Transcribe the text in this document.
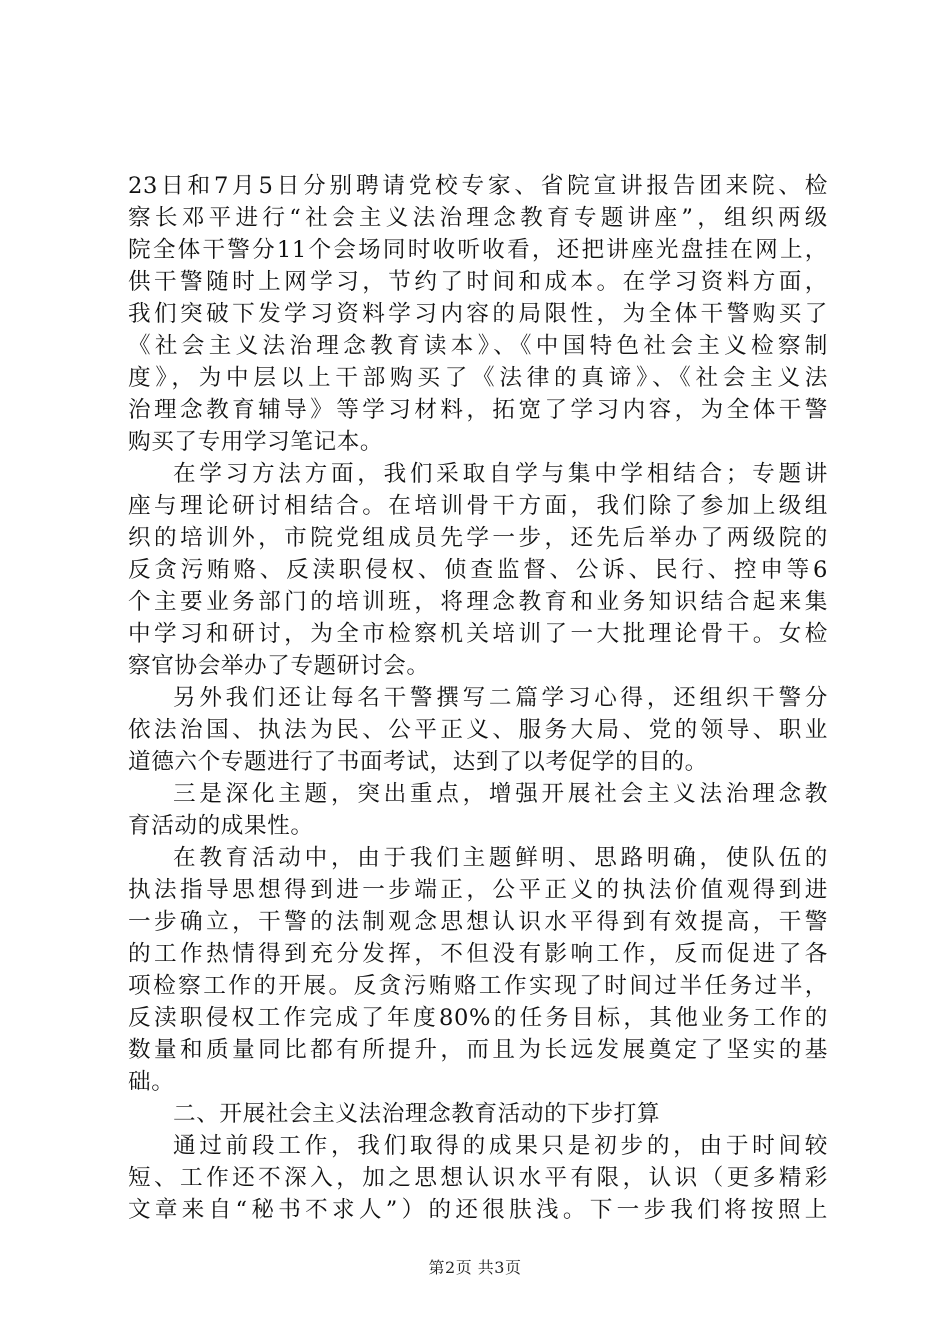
23日和7月5日分别聘请党校专家、省院宣讲报告团来院、检
察长邓平进行“社会主义法治理念教育专题讲座”，组织两级
院全体干警分11个会场同时收听收看，还把讲座光盘挂在网上，
供干警随时上网学习，节约了时间和成本。在学习资料方面，
我们突破下发学习资料学习内容的局限性，为全体干警购买了
《社会主义法治理念教育读本》、《中国特色社会主义检察制
度》，为中层以上干部购买了《法律的真谛》、《社会主义法
治理念教育辅导》等学习材料，拓宽了学习内容，为全体干警
购买了专用学习笔记本。
在学习方法方面，我们采取自学与集中学相结合；专题讲
座与理论研讨相结合。在培训骨干方面，我们除了参加上级组
织的培训外，市院党组成员先学一步，还先后举办了两级院的
反贪污贿赂、反渎职侵权、侦查监督、公诉、民行、控申等6
个主要业务部门的培训班，将理念教育和业务知识结合起来集
中学习和研讨，为全市检察机关培训了一大批理论骨干。女检
察官协会举办了专题研讨会。
另外我们还让每名干警撰写二篇学习心得，还组织干警分
依法治国、执法为民、公平正义、服务大局、党的领导、职业
道德六个专题进行了书面考试，达到了以考促学的目的。
三是深化主题，突出重点，增强开展社会主义法治理念教
育活动的成果性。
在教育活动中，由于我们主题鲜明、思路明确，使队伍的
执法指导思想得到进一步端正，公平正义的执法价值观得到进
一步确立，干警的法制观念思想认识水平得到有效提高，干警
的工作热情得到充分发挥，不但没有影响工作，反而促进了各
项检察工作的开展。反贪污贿赂工作实现了时间过半任务过半，
反渎职侵权工作完成了年度80%的任务目标，其他业务工作的
数量和质量同比都有所提升，而且为长远发展奠定了坚实的基
础。
二、开展社会主义法治理念教育活动的下步打算
通过前段工作，我们取得的成果只是初步的，由于时间较
短、工作还不深入，加之思想认识水平有限，认识（更多精彩
文章来自“秘书不求人”）的还很肤浅。下一步我们将按照上
第2页 共3页
